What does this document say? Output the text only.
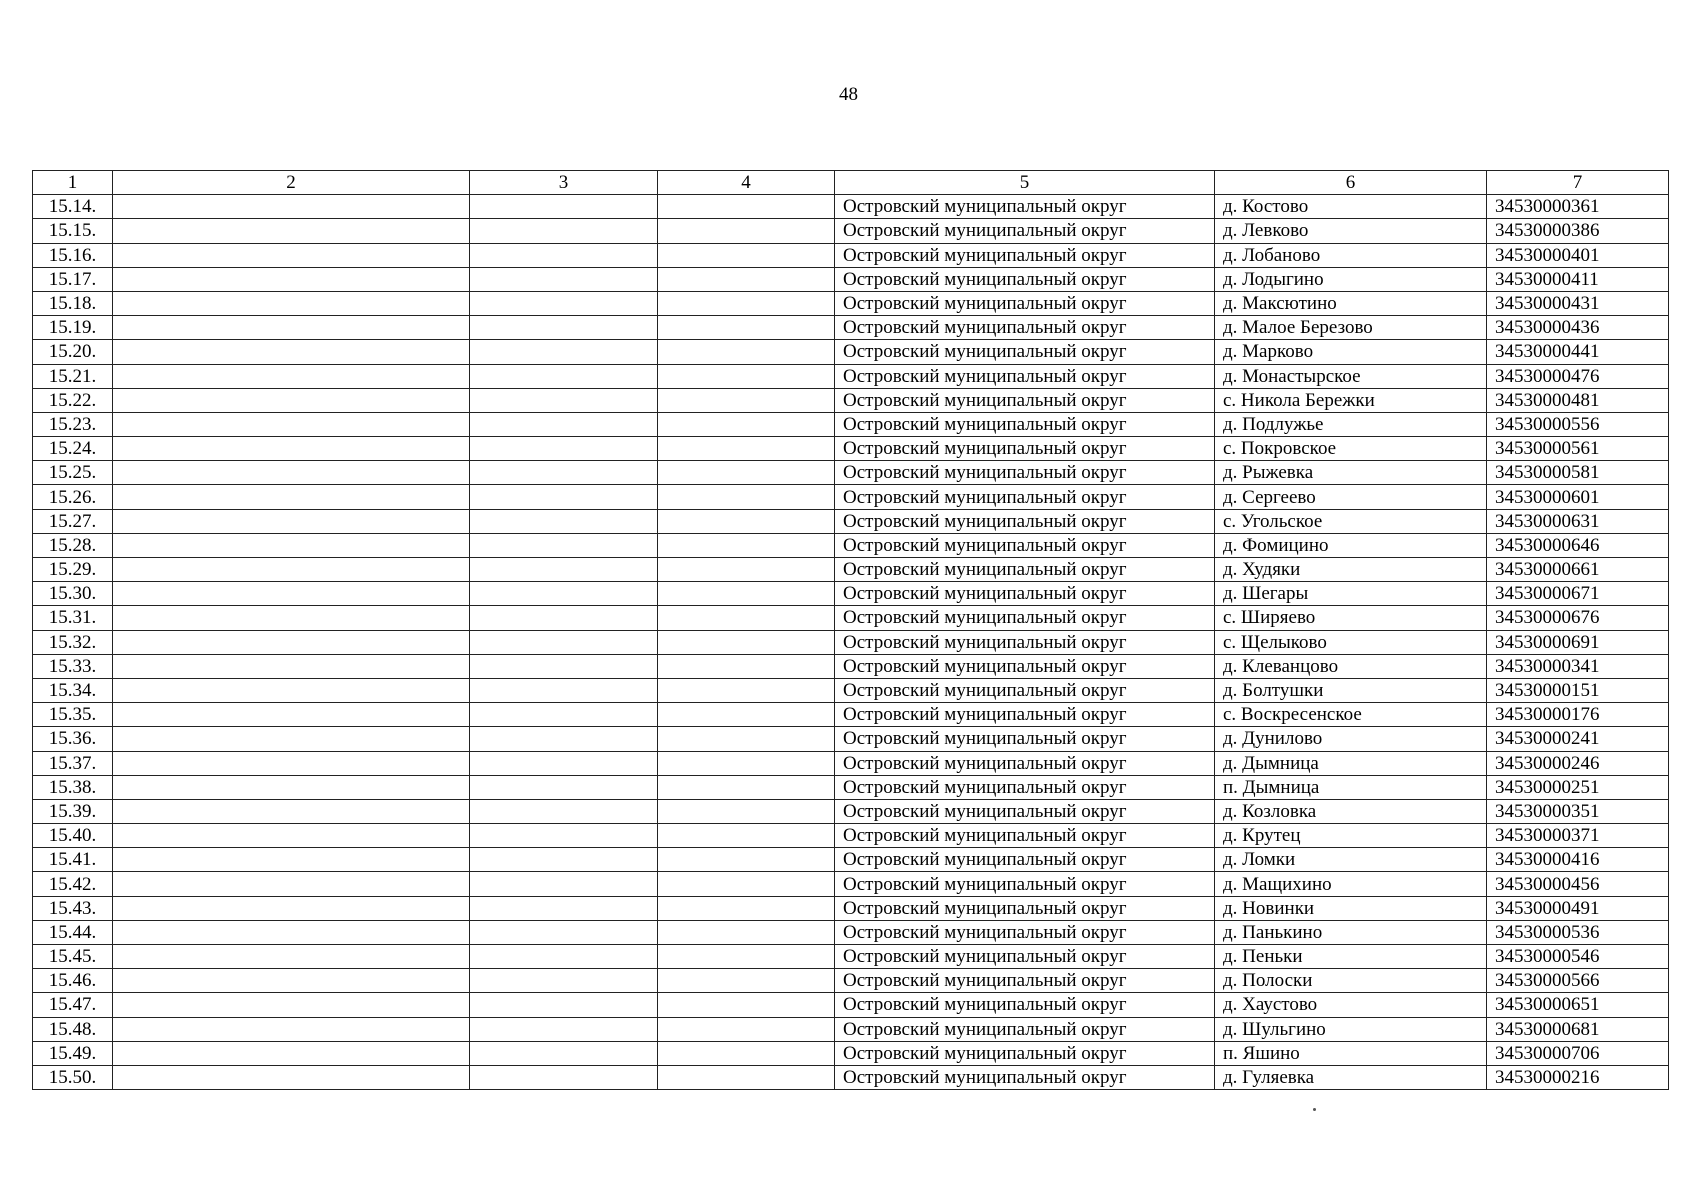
48
1	2	3	4	5	6	7
15.14.				Островский муниципальный округ	д. Костово	34530000361
15.15.				Островский муниципальный округ	д. Левково	34530000386
15.16.				Островский муниципальный округ	д. Лобаново	34530000401
15.17.				Островский муниципальный округ	д. Лодыгино	34530000411
15.18.				Островский муниципальный округ	д. Максютино	34530000431
15.19.				Островский муниципальный округ	д. Малое Березово	34530000436
15.20.				Островский муниципальный округ	д. Марково	34530000441
15.21.				Островский муниципальный округ	д. Монастырское	34530000476
15.22.				Островский муниципальный округ	с. Никола Бережки	34530000481
15.23.				Островский муниципальный округ	д. Подлужье	34530000556
15.24.				Островский муниципальный округ	с. Покровское	34530000561
15.25.				Островский муниципальный округ	д. Рыжевка	34530000581
15.26.				Островский муниципальный округ	д. Сергеево	34530000601
15.27.				Островский муниципальный округ	с. Угольское	34530000631
15.28.				Островский муниципальный округ	д. Фомицино	34530000646
15.29.				Островский муниципальный округ	д. Худяки	34530000661
15.30.				Островский муниципальный округ	д. Шегары	34530000671
15.31.				Островский муниципальный округ	с. Ширяево	34530000676
15.32.				Островский муниципальный округ	с. Щелыково	34530000691
15.33.				Островский муниципальный округ	д. Клеванцово	34530000341
15.34.				Островский муниципальный округ	д. Болтушки	34530000151
15.35.				Островский муниципальный округ	с. Воскресенское	34530000176
15.36.				Островский муниципальный округ	д. Дунилово	34530000241
15.37.				Островский муниципальный округ	д. Дымница	34530000246
15.38.				Островский муниципальный округ	п. Дымница	34530000251
15.39.				Островский муниципальный округ	д. Козловка	34530000351
15.40.				Островский муниципальный округ	д. Крутец	34530000371
15.41.				Островский муниципальный округ	д. Ломки	34530000416
15.42.				Островский муниципальный округ	д. Мащихино	34530000456
15.43.				Островский муниципальный округ	д. Новинки	34530000491
15.44.				Островский муниципальный округ	д. Панькино	34530000536
15.45.				Островский муниципальный округ	д. Пеньки	34530000546
15.46.				Островский муниципальный округ	д. Полоски	34530000566
15.47.				Островский муниципальный округ	д. Хаустово	34530000651
15.48.				Островский муниципальный округ	д. Шульгино	34530000681
15.49.				Островский муниципальный округ	п. Яшино	34530000706
15.50.				Островский муниципальный округ	д. Гуляевка	34530000216
